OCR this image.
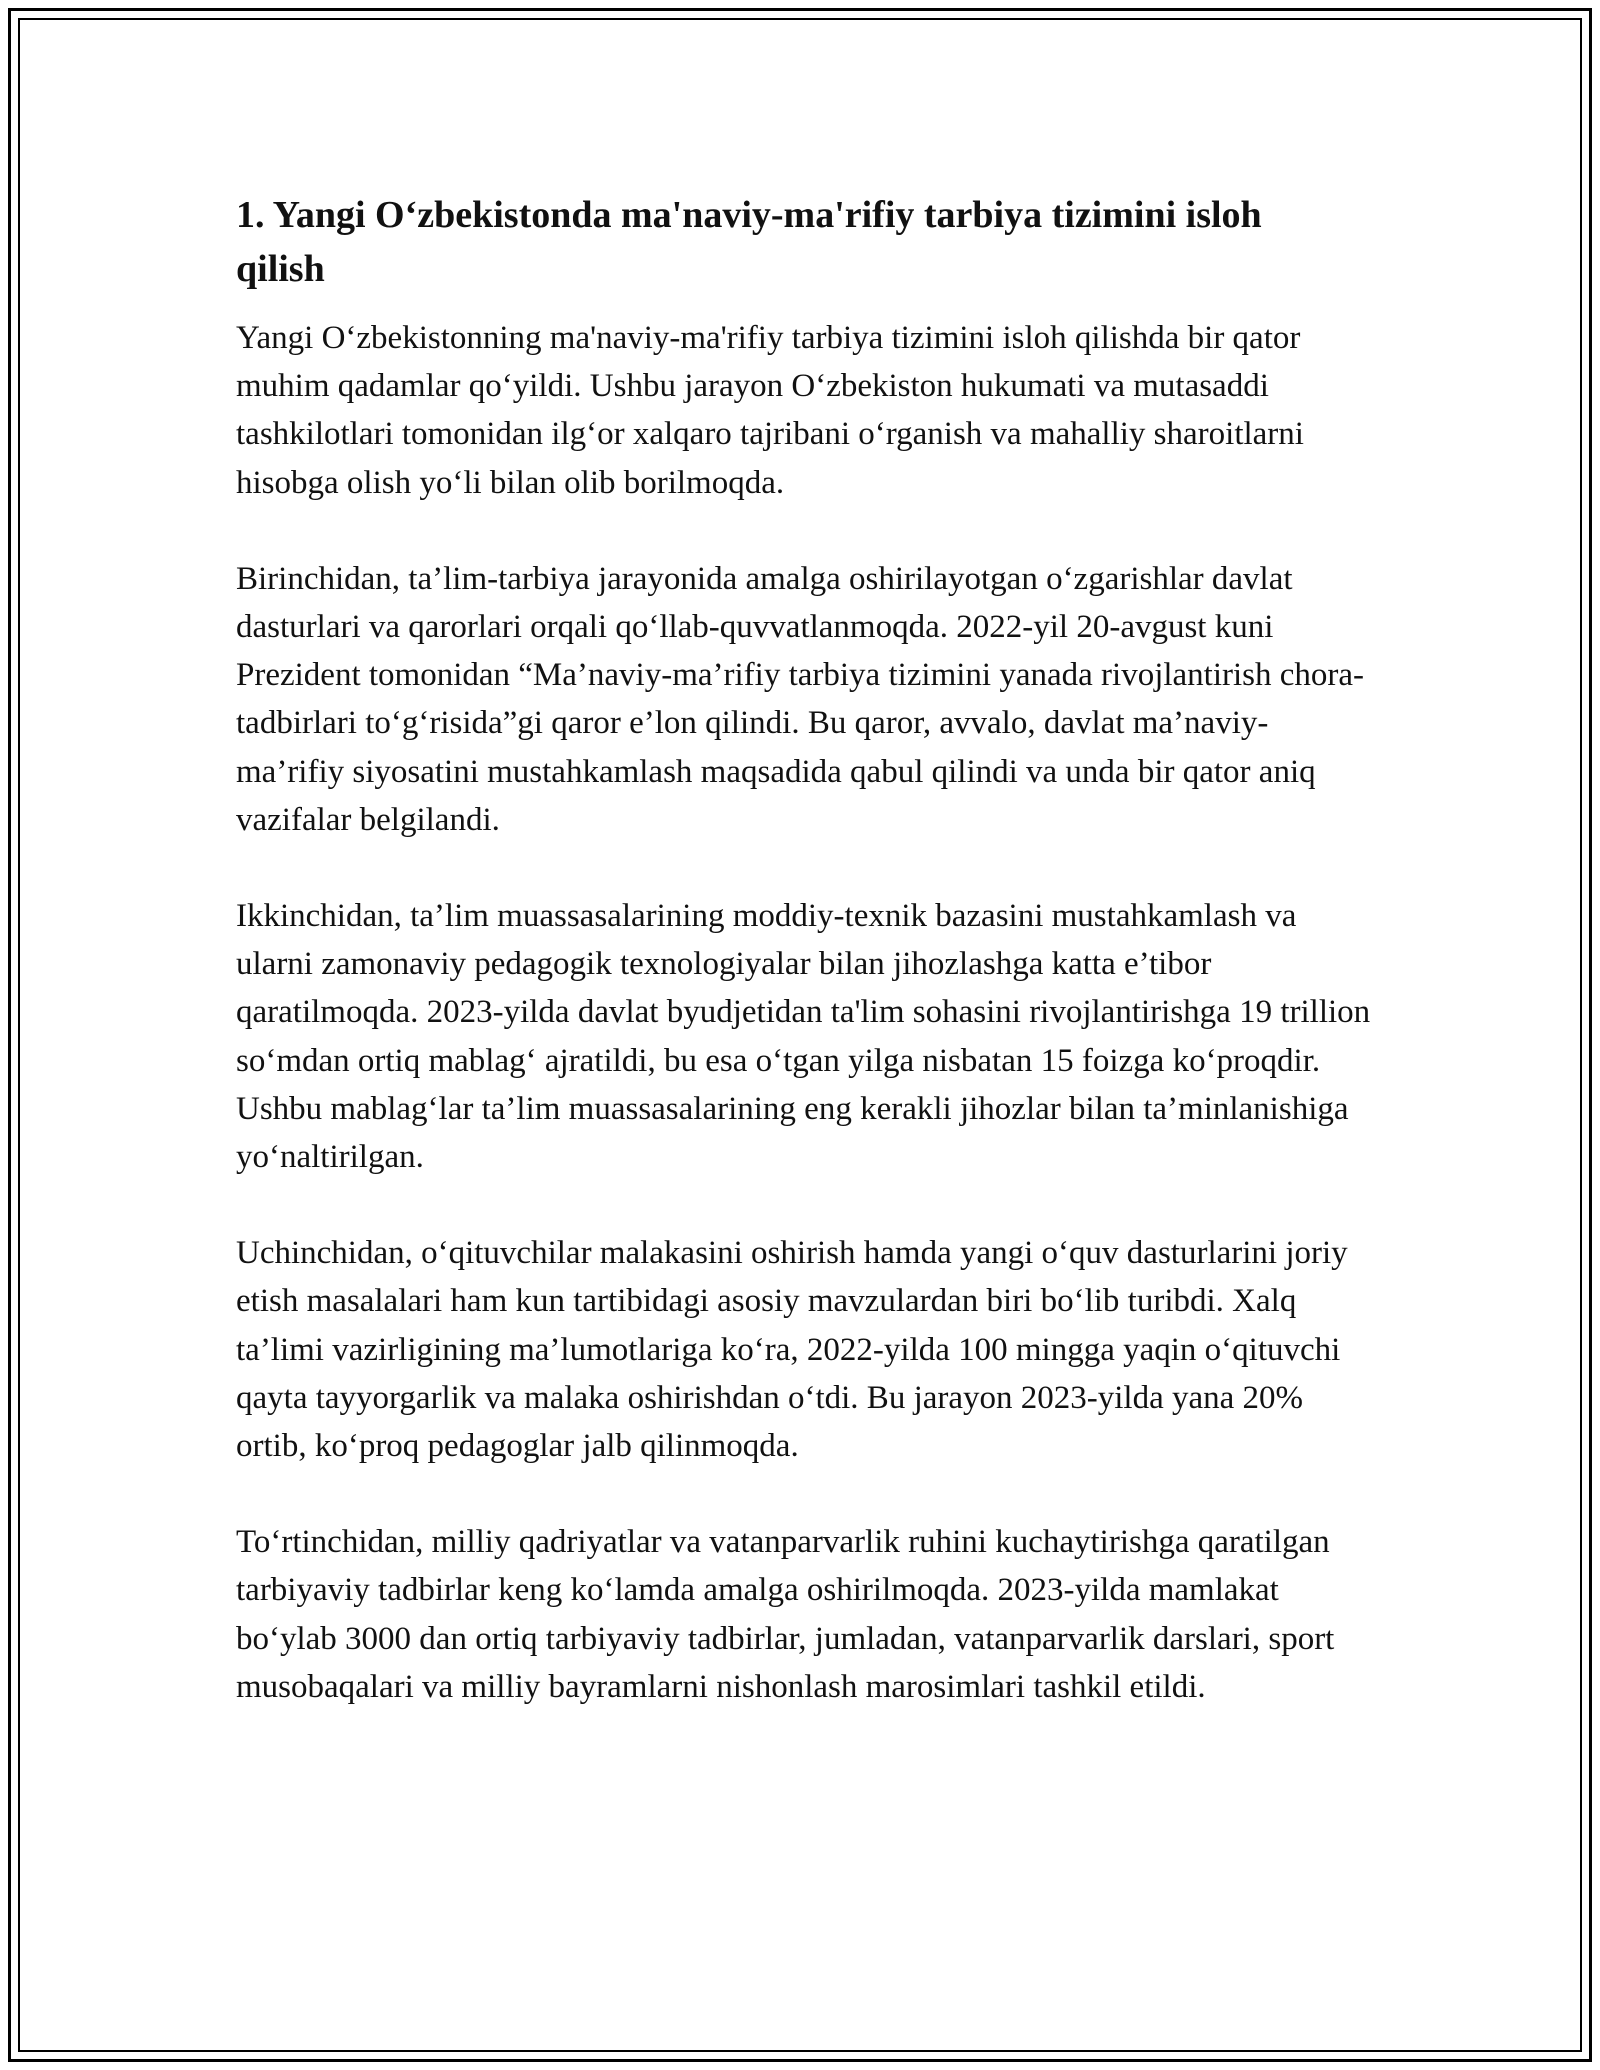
1. Yangi O‘zbekistonda ma'naviy-ma'rifiy tarbiya tizimini isloh qilish

Yangi O‘zbekistonning ma'naviy-ma'rifiy tarbiya tizimini isloh qilishda bir qator muhim qadamlar qo‘yildi. Ushbu jarayon O‘zbekiston hukumati va mutasaddi tashkilotlari tomonidan ilg‘or xalqaro tajribani o‘rganish va mahalliy sharoitlarni hisobga olish yo‘li bilan olib borilmoqda.

Birinchidan, ta’lim-tarbiya jarayonida amalga oshirilayotgan o‘zgarishlar davlat dasturlari va qarorlari orqali qo‘llab-quvvatlanmoqda. 2022-yil 20-avgust kuni Prezident tomonidan “Ma’naviy-ma’rifiy tarbiya tizimini yanada rivojlantirish chora-tadbirlari to‘g‘risida”gi qaror e’lon qilindi. Bu qaror, avvalo, davlat ma’naviy-ma’rifiy siyosatini mustahkamlash maqsadida qabul qilindi va unda bir qator aniq vazifalar belgilandi.

Ikkinchidan, ta’lim muassasalarining moddiy-texnik bazasini mustahkamlash va ularni zamonaviy pedagogik texnologiyalar bilan jihozlashga katta e’tibor qaratilmoqda. 2023-yilda davlat byudjetidan ta'lim sohasini rivojlantirishga 19 trillion so‘mdan ortiq mablag‘ ajratildi, bu esa o‘tgan yilga nisbatan 15 foizga ko‘proqdir. Ushbu mablag‘lar ta’lim muassasalarining eng kerakli jihozlar bilan ta’minlanishiga yo‘naltirilgan.

Uchinchidan, o‘qituvchilar malakasini oshirish hamda yangi o‘quv dasturlarini joriy etish masalalari ham kun tartibidagi asosiy mavzulardan biri bo‘lib turibdi. Xalq ta’limi vazirligining ma’lumotlariga ko‘ra, 2022-yilda 100 mingga yaqin o‘qituvchi qayta tayyorgarlik va malaka oshirishdan o‘tdi. Bu jarayon 2023-yilda yana 20% ortib, ko‘proq pedagoglar jalb qilinmoqda.

To‘rtinchidan, milliy qadriyatlar va vatanparvarlik ruhini kuchaytirishga qaratilgan tarbiyaviy tadbirlar keng ko‘lamda amalga oshirilmoqda. 2023-yilda mamlakat bo‘ylab 3000 dan ortiq tarbiyaviy tadbirlar, jumladan, vatanparvarlik darslari, sport musobaqalari va milliy bayramlarni nishonlash marosimlari tashkil etildi.
